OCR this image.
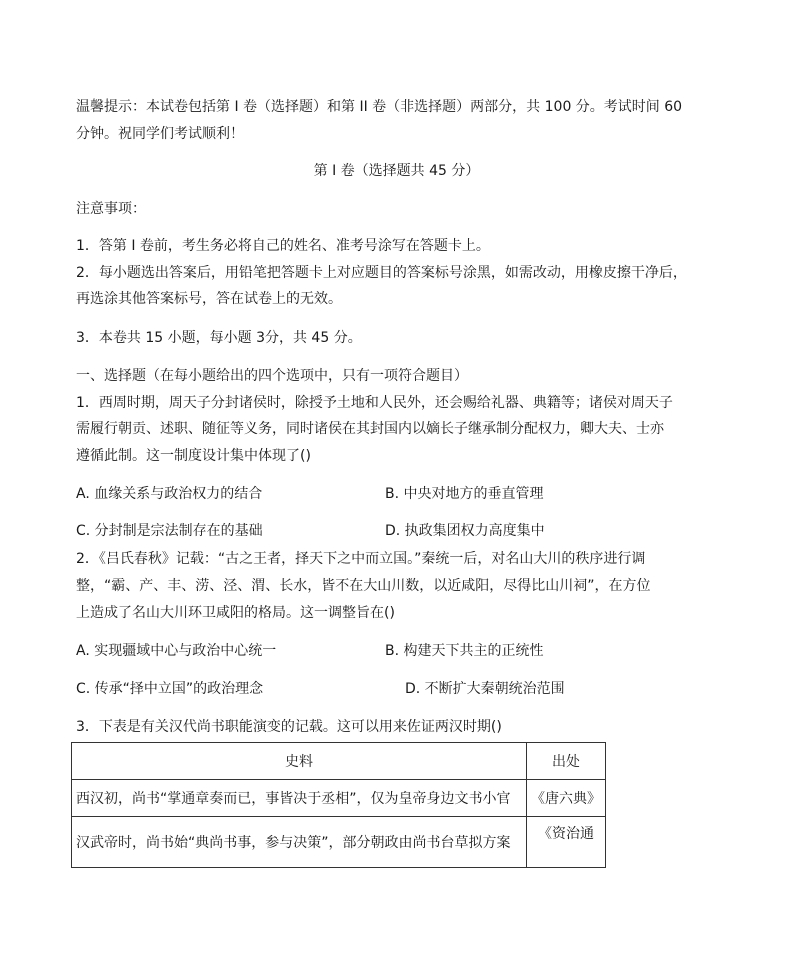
温馨提示：本试卷包括第 I 卷（选择题）和第 II 卷（非选择题）两部分，共 100 分。考试时间 60
分钟。祝同学们考试顺利！
第 I 卷（选择题共 45 分）
注意事项：
1．答第 I 卷前，考生务必将自己的姓名、准考号涂写在答题卡上。
2．每小题选出答案后，用铅笔把答题卡上对应题目的答案标号涂黑，如需改动，用橡皮擦干净后，
再选涂其他答案标号，答在试卷上的无效。
3．本卷共 15 小题，每小题 3分，共 45 分。
一、选择题（在每小题给出的四个选项中，只有一项符合题目）
1．西周时期，周天子分封诸侯时，除授予土地和人民外，还会赐给礼器、典籍等；诸侯对周天子
需履行朝贡、述职、随征等义务，同时诸侯在其封国内以嫡长子继承制分配权力，卿大夫、士亦
遵循此制。这一制度设计集中体现了()
A. 血缘关系与政治权力的结合	B. 中央对地方的垂直管理
C. 分封制是宗法制存在的基础	D. 执政集团权力高度集中
2．《吕氏春秋》记载：“古之王者，择天下之中而立国。”秦统一后，对名山大川的秩序进行调
整，“霸、产、丰、涝、泾、渭、长水，皆不在大山川数，以近咸阳，尽得比山川祠”，在方位
上造成了名山大川环卫咸阳的格局。这一调整旨在()
A. 实现疆域中心与政治中心统一	B. 构建天下共主的正统性
C. 传承“择中立国”的政治理念	D. 不断扩大秦朝统治范围
3．下表是有关汉代尚书职能演变的记载。这可以用来佐证两汉时期()
史料	出处
西汉初，尚书“掌通章奏而已，事皆决于丞相”，仅为皇帝身边文书小官	《唐六典》
汉武帝时，尚书始“典尚书事，参与决策”，部分朝政由尚书台草拟方案	《资治通
